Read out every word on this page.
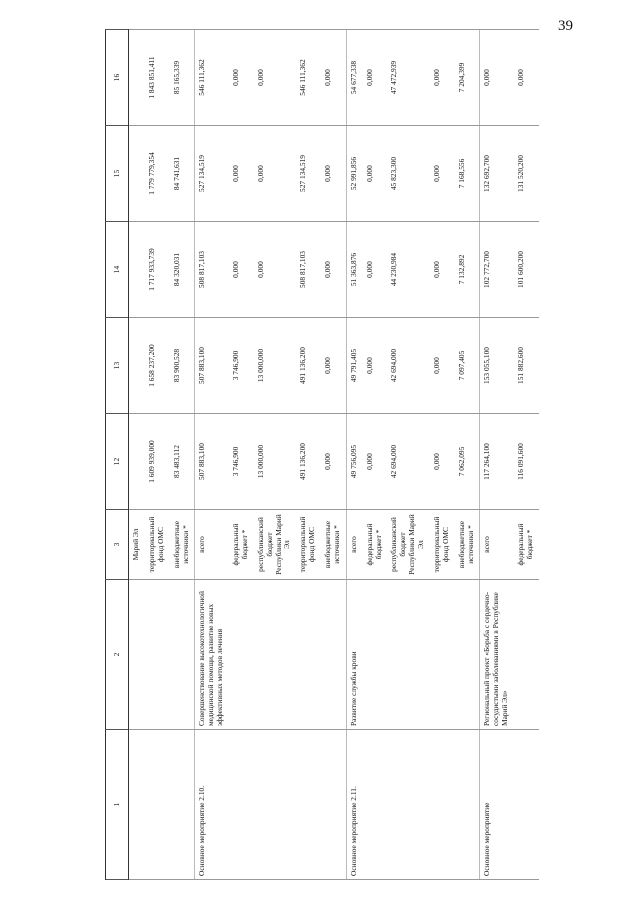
39
1	2	3	12	13	14	15	16
		Марий Эл					
		территориальный фонд ОМС	1 609 939,000	1 658 237,200	1 717 933,739	1 779 779,354	1 843 851,411
		внебюджетные источники *	83 483,112	83 900,528	84 320,031	84 741,631	85 165,339
Основное мероприятие 2.10.	Совершенствование высокотехнологичной медицинской помощи, развитие новых эффективных методов лечения	всего	507 883,100	507 883,100	508 817,103	527 134,519	546 111,362
		федеральный бюджет *	3 746,900	3 746,900	0,000	0,000	0,000
		республиканский бюджет Республики Марий Эл	13 000,000	13 000,000	0,000	0,000	0,000
		территориальный фонд ОМС	491 136,200	491 136,200	508 817,103	527 134,519	546 111,362
		внебюджетные источники *	0,000	0,000	0,000	0,000	0,000
Основное мероприятие 2.11.	Развитие службы крови	всего	49 756,095	49 791,405	51 363,876	52 991,856	54 677,338
		федеральный бюджет *	0,000	0,000	0,000	0,000	0,000
		республиканский бюджет Республики Марий Эл	42 694,000	42 694,000	44 230,984	45 823,300	47 472,939
		территориальный фонд ОМС	0,000	0,000	0,000	0,000	0,000
		внебюджетные источники *	7 062,095	7 097,405	7 132,892	7 168,556	7 204,399
Основное мероприятие	Региональный проект «Борьба с сердечно-сосудистыми заболеваниями в Республике Марий Эл»	всего	117 264,100	153 055,100	102 772,700	132 692,700	0,000
		федеральный бюджет *	116 091,600	151 882,600	101 600,200	131 520,200	0,000
